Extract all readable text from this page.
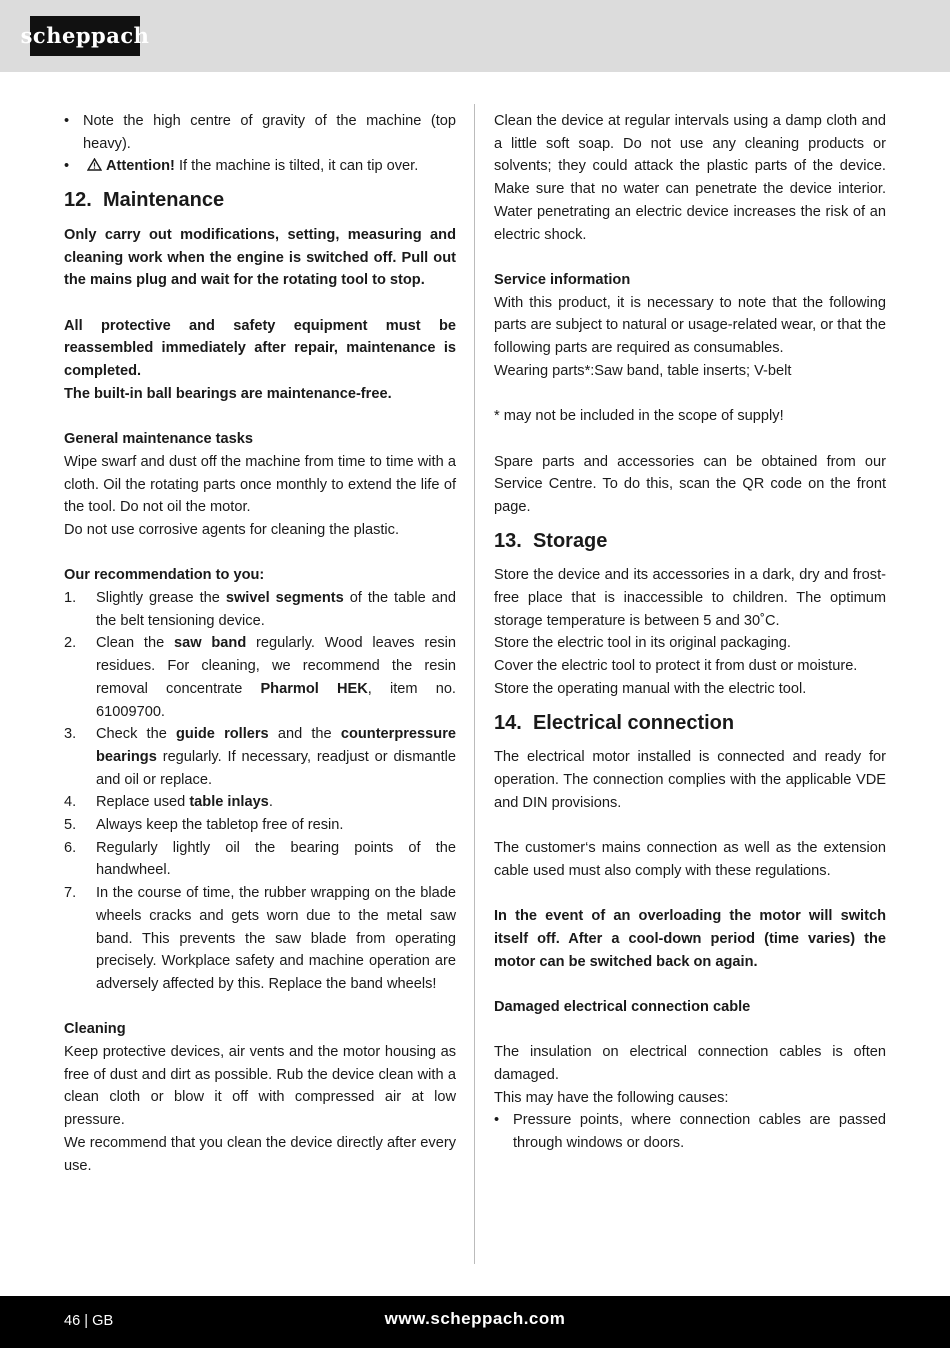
scheppach

• Note the high centre of gravity of the machine (top heavy).

• Attention! If the machine is tilted, it can tip over.

12. Maintenance

Only carry out modifications, setting, measuring and cleaning work when the engine is switched off. Pull out the mains plug and wait for the rotating tool to stop.

All protective and safety equipment must be reassembled immediately after repair, maintenance is completed.

The built-in ball bearings are maintenance-free.

General maintenance tasks

Wipe swarf and dust off the machine from time to time with a cloth. Oil the rotating parts once monthly to extend the life of the tool. Do not oil the motor.

Do not use corrosive agents for cleaning the plastic.

Our recommendation to you:

1. Slightly grease the swivel segments of the table and the belt tensioning device.

2. Clean the saw band regularly. Wood leaves resin residues. For cleaning, we recommend the resin removal concentrate Pharmol HEK, item no. 61009700.

3. Check the guide rollers and the counterpressure bearings regularly. If necessary, readjust or dismantle and oil or replace.

4. Replace used table inlays.

5. Always keep the tabletop free of resin.

6. Regularly lightly oil the bearing points of the handwheel.

7. In the course of time, the rubber wrapping on the blade wheels cracks and gets worn due to the metal saw band. This prevents the saw blade from operating precisely. Workplace safety and machine operation are adversely affected by this. Replace the band wheels!

Cleaning

Keep protective devices, air vents and the motor housing as free of dust and dirt as possible. Rub the device clean with a clean cloth or blow it off with compressed air at low pressure.

We recommend that you clean the device directly after every use.

Clean the device at regular intervals using a damp cloth and a little soft soap. Do not use any cleaning products or solvents; they could attack the plastic parts of the device. Make sure that no water can penetrate the device interior. Water penetrating an electric device increases the risk of an electric shock.

Service information

With this product, it is necessary to note that the following parts are subject to natural or usage-related wear, or that the following parts are required as consumables.

Wearing parts*:Saw band, table inserts; V-belt

* may not be included in the scope of supply!

Spare parts and accessories can be obtained from our Service Centre. To do this, scan the QR code on the front page.

13. Storage

Store the device and its accessories in a dark, dry and frost-free place that is inaccessible to children. The optimum storage temperature is between 5 and 30˚C.

Store the electric tool in its original packaging.

Cover the electric tool to protect it from dust or moisture.

Store the operating manual with the electric tool.

14. Electrical connection

The electrical motor installed is connected and ready for operation. The connection complies with the applicable VDE and DIN provisions.

The customer‘s mains connection as well as the extension cable used must also comply with these regulations.

In the event of an overloading the motor will switch itself off. After a cool-down period (time varies) the motor can be switched back on again.

Damaged electrical connection cable

The insulation on electrical connection cables is often damaged.

This may have the following causes:

• Pressure points, where connection cables are passed through windows or doors.

46 | GB	www.scheppach.com
